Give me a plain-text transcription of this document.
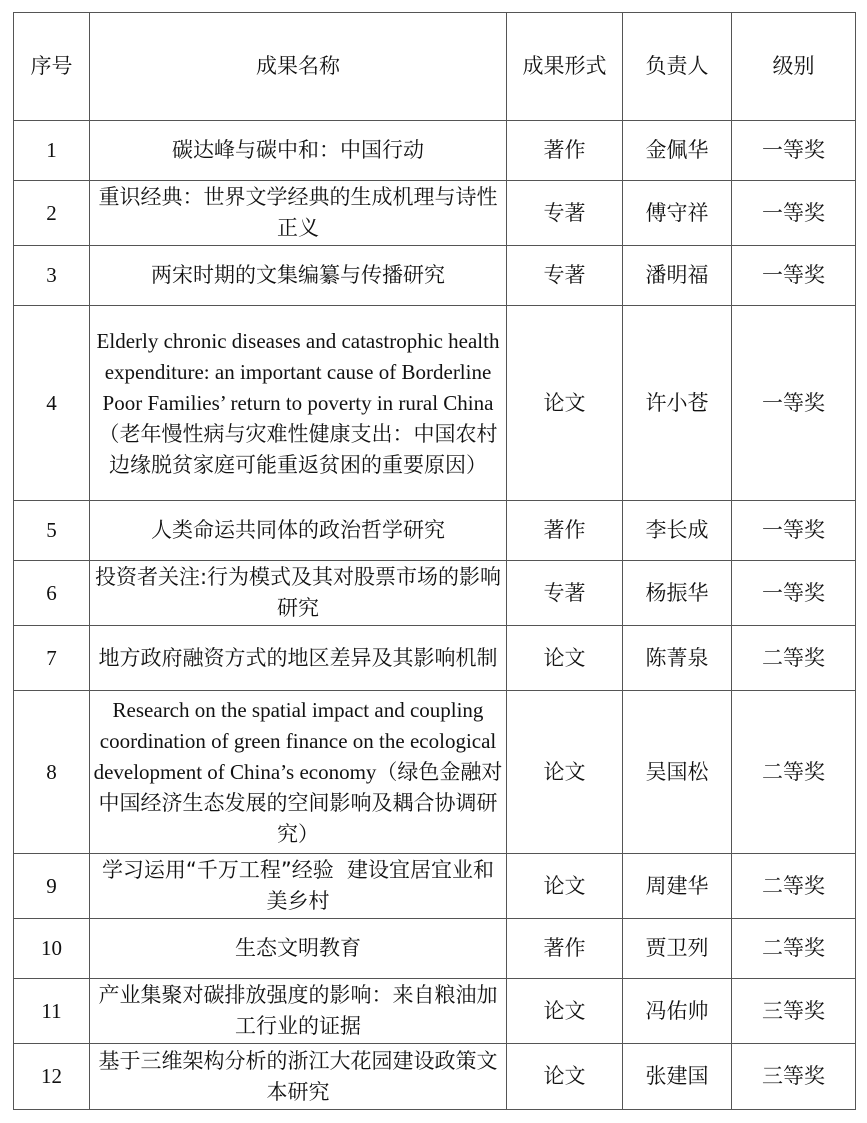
序号	成果名称	成果形式	负责人	级别
1	碳达峰与碳中和：中国行动	著作	金佩华	一等奖
2	重识经典：世界文学经典的生成机理与诗性正义	专著	傅守祥	一等奖
3	两宋时期的文集编纂与传播研究	专著	潘明福	一等奖
4	Elderly chronic diseases and catastrophic health expenditure: an important cause of Borderline Poor Families’ return to poverty in rural China（老年慢性病与灾难性健康支出：中国农村边缘脱贫家庭可能重返贫困的重要原因）	论文	许小苍	一等奖
5	人类命运共同体的政治哲学研究	著作	李长成	一等奖
6	投资者关注:行为模式及其对股票市场的影响研究	专著	杨振华	一等奖
7	地方政府融资方式的地区差异及其影响机制	论文	陈菁泉	二等奖
8	Research on the spatial impact and coupling coordination of green finance on the ecological development of China’s economy（绿色金融对中国经济生态发展的空间影响及耦合协调研究）	论文	吴国松	二等奖
9	学习运用“千万工程”经验  建设宜居宜业和美乡村	论文	周建华	二等奖
10	生态文明教育	著作	贾卫列	二等奖
11	产业集聚对碳排放强度的影响：来自粮油加工行业的证据	论文	冯佑帅	三等奖
12	基于三维架构分析的浙江大花园建设政策文本研究	论文	张建国	三等奖
